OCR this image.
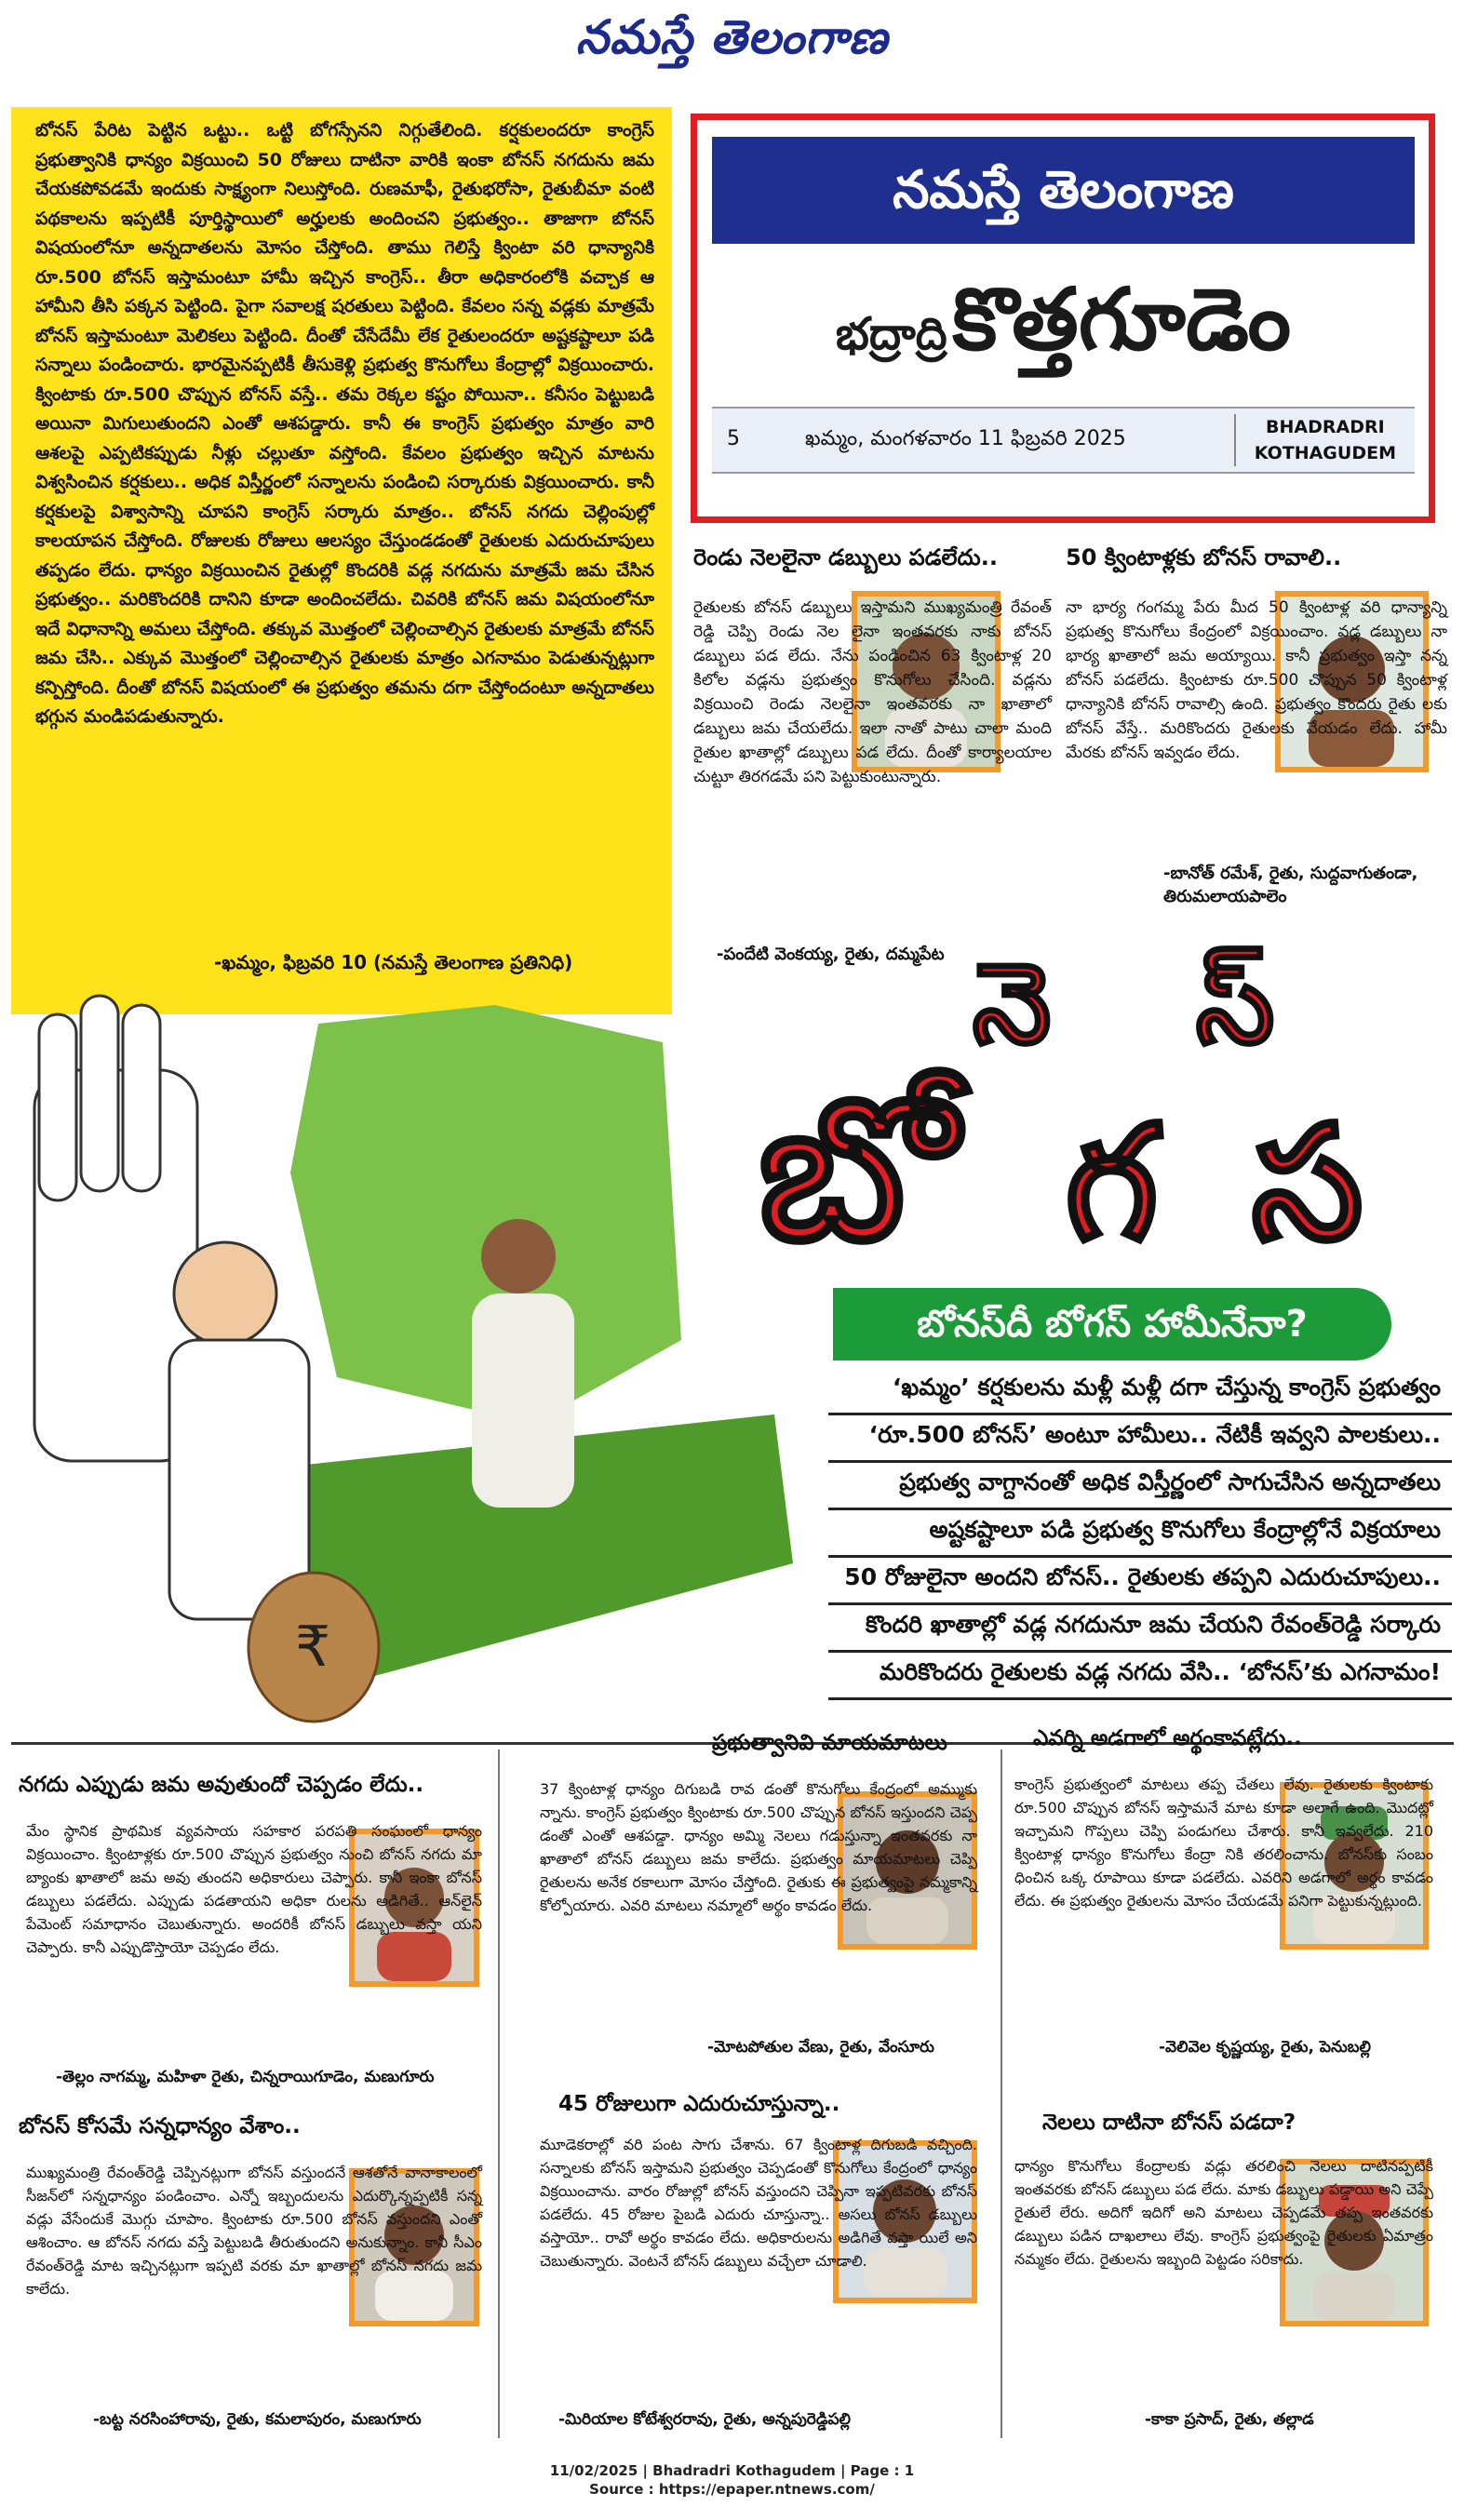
నమస్తే తెలంగాణ
బోనస్ పేరిట పెట్టిన ఒట్టు.. ఒట్టి బోగస్సేనని నిగ్గుతేలింది. కర్షకులందరూ కాంగ్రెస్ ప్రభుత్వానికి ధాన్యం విక్రయించి 50 రోజులు దాటినా వారికి ఇంకా బోనస్ నగదును జమ చేయకపోవడమే ఇందుకు సాక్ష్యంగా నిలుస్తోంది. రుణమాఫీ, రైతుభరోసా, రైతుబీమా వంటి పథకాలను ఇప్పటికీ పూర్తిస్థాయిలో అర్హులకు అందించని ప్రభుత్వం.. తాజాగా బోనస్ విషయంలోనూ అన్నదాతలను మోసం చేస్తోంది. తాము గెలిస్తే క్వింటా వరి ధాన్యానికి రూ.500 బోనస్ ఇస్తామంటూ హామీ ఇచ్చిన కాంగ్రెస్.. తీరా అధికారంలోకి వచ్చాక ఆ హామీని తీసి పక్కన పెట్టింది. పైగా సవాలక్ష షరతులు పెట్టింది. కేవలం సన్న వడ్లకు మాత్రమే బోనస్ ఇస్తామంటూ మెలికలు పెట్టింది. దీంతో చేసేదేమీ లేక రైతులందరూ అష్టకష్టాలూ పడి సన్నాలు పండించారు. భారమైనప్పటికీ తీసుకెళ్లి ప్రభుత్వ కొనుగోలు కేంద్రాల్లో విక్రయించారు. క్వింటాకు రూ.500 చొప్పున బోనస్ వస్తే.. తమ రెక్కల కష్టం పోయినా.. కనీసం పెట్టుబడి అయినా మిగులుతుందని ఎంతో ఆశపడ్డారు. కానీ ఈ కాంగ్రెస్ ప్రభుత్వం మాత్రం వారి ఆశలపై ఎప్పటికప్పుడు నీళ్లు చల్లుతూ వస్తోంది. కేవలం ప్రభుత్వం ఇచ్చిన మాటను విశ్వసించిన కర్షకులు.. అధిక విస్తీర్ణంలో సన్నాలను పండించి సర్కారుకు విక్రయించారు. కానీ కర్షకులపై విశ్వాసాన్ని చూపని కాంగ్రెస్ సర్కారు మాత్రం.. బోనస్ నగదు చెల్లింపుల్లో కాలయాపన చేస్తోంది. రోజులకు రోజులు ఆలస్యం చేస్తుండడంతో రైతులకు ఎదురుచూపులు తప్పడం లేదు. ధాన్యం విక్రయించిన రైతుల్లో కొందరికి వడ్ల నగదును మాత్రమే జమ చేసిన ప్రభుత్వం.. మరికొందరికి దానిని కూడా అందించలేదు. చివరికి బోనస్ జమ విషయంలోనూ ఇదే విధానాన్ని అమలు చేస్తోంది. తక్కువ మొత్తంలో చెల్లించాల్సిన రైతులకు మాత్రమే బోనస్ జమ చేసి.. ఎక్కువ మొత్తంలో చెల్లించాల్సిన రైతులకు మాత్రం ఎగనామం పెడుతున్నట్లుగా కన్పిస్తోంది. దీంతో బోనస్ విషయంలో ఈ ప్రభుత్వం తమను దగా చేస్తోందంటూ అన్నదాతలు భగ్గున మండిపడుతున్నారు.
-ఖమ్మం, ఫిబ్రవరి 10 (నమస్తే తెలంగాణ ప్రతినిధి)
నమస్తే తెలంగాణ
భద్రాద్రి కొత్తగూడెం
5	ఖమ్మం, మంగళవారం 11 ఫిబ్రవరి 2025	BHADRADRI
KOTHAGUDEM
రెండు నెలలైనా డబ్బులు పడలేదు..
రైతులకు బోనస్ డబ్బులు ఇస్తామని ముఖ్యమంత్రి రేవంత్ రెడ్డి చెప్పి రెండు నెల లైనా ఇంతవరకు నాకు బోనస్ డబ్బులు పడ లేదు. నేను పండించిన 63 క్వింటాళ్ల 20 కిలోల వడ్లను ప్రభుత్వం కొనుగోలు చేసింది. వడ్లను విక్రయించి రెండు నెలలైనా ఇంతవరకు నా ఖాతాలో డబ్బులు జమ చేయలేదు. ఇలా నాతో పాటు చాలా మంది రైతుల ఖాతాల్లో డబ్బులు పడ లేదు. దీంతో కార్యాలయాల చుట్టూ తిరగడమే పని పెట్టుకుంటున్నారు.
-పందేటి వెంకయ్య, రైతు, దమ్మపేట
50 క్వింటాళ్లకు బోనస్ రావాలి..
నా భార్య గంగమ్మ పేరు మీద 50 క్వింటాళ్ల వరి ధాన్యాన్ని ప్రభుత్వ కొనుగోలు కేంద్రంలో విక్రయించాం. వడ్ల డబ్బులు నా భార్య ఖాతాలో జమ అయ్యాయి. కానీ ప్రభుత్వం ఇస్తా నన్న బోనస్ పడలేదు. క్వింటాకు రూ.500 చొప్పున 50 క్వింటాళ్ల ధాన్యానికి బోనస్ రావాల్సి ఉంది. ప్రభుత్వం కొందరు రైతు లకు బోనస్ వేస్తే.. మరికొందరు రైతులకు వేయడం లేదు. హామీ మేరకు బోనస్ ఇవ్వడం లేదు.
-బానోత్ రమేశ్, రైతు, సుద్దవాగుతండా, తిరుమలాయపాలెం
₹
నె స్
బో గ స
బోనస్‌దీ బోగస్ హామీనేనా?
‘ఖమ్మం’ కర్షకులను మళ్లీ మళ్లీ దగా చేస్తున్న కాంగ్రెస్ ప్రభుత్వం
‘రూ.500 బోనస్’ అంటూ హామీలు.. నేటికీ ఇవ్వని పాలకులు..
ప్రభుత్వ వాగ్దానంతో అధిక విస్తీర్ణంలో సాగుచేసిన అన్నదాతలు
అష్టకష్టాలూ పడి ప్రభుత్వ కొనుగోలు కేంద్రాల్లోనే విక్రయాలు
50 రోజులైనా అందని బోనస్.. రైతులకు తప్పని ఎదురుచూపులు..
కొందరి ఖాతాల్లో వడ్ల నగదునూ జమ చేయని రేవంత్‌రెడ్డి సర్కారు
మరికొందరు రైతులకు వడ్ల నగదు వేసి.. ‘బోనస్’కు ఎగనామం!
నగదు ఎప్పుడు జమ అవుతుందో చెప్పడం లేదు..
మేం స్థానిక ప్రాథమిక వ్యవసాయ సహకార పరపతి సంఘంలో ధాన్యం విక్రయించాం. క్వింటాళ్లకు రూ.500 చొప్పున ప్రభుత్వం నుంచి బోనస్ నగదు మా బ్యాంకు ఖాతాలో జమ అవు తుందని అధికారులు చెప్పారు. కానీ ఇంకా బోనస్ డబ్బులు పడలేదు. ఎప్పుడు పడతాయని అధికా రులను అడిగితే.. ఆన్‌లైన్ పేమెంట్ సమాధానం చెబుతున్నారు. అందరికీ బోనస్ డబ్బులు వస్తా యని చెప్పారు. కానీ ఎప్పుడొస్తాయో చెప్పడం లేదు.
-తెల్లం నాగమ్మ, మహిళా రైతు, చిన్నరాయిగూడెం, మణుగూరు
ప్రభుత్వానివి మాయమాటలు
37 క్వింటాళ్ల ధాన్యం దిగుబడి రావ డంతో కొనుగోలు కేంద్రంలో అమ్ముకు న్నాను. కాంగ్రెస్ ప్రభుత్వం క్వింటాకు రూ.500 చొప్పున బోనస్ ఇస్తుందని చెప్ప డంతో ఎంతో ఆశపడ్డా. ధాన్యం అమ్మి నెలలు గడుస్తున్నా ఇంతవరకు నా ఖాతాలో బోనస్ డబ్బులు జమ కాలేదు. ప్రభుత్వం మాయమాటలు చెప్పి రైతులను అనేక రకాలుగా మోసం చేస్తోంది. రైతుకు ఈ ప్రభుత్వంపై నమ్మకాన్ని కోల్పోయారు. ఎవరి మాటలు నమ్మాలో అర్థం కావడం లేదు.
-మోటపోతుల వేణు, రైతు, వేంసూరు
ఎవర్ని అడగాలో అర్థంకావట్లేదు..
కాంగ్రెస్ ప్రభుత్వంలో మాటలు తప్ప చేతలు లేవు. రైతులకు క్వింటాకు రూ.500 చొప్పున బోనస్ ఇస్తామనే మాట కూడా అలాగే ఉంది. మొదట్లో ఇచ్చామని గొప్పలు చెప్పి పండుగలు చేశారు. కానీ ఇవ్వలేదు. 210 క్వింటాళ్ల ధాన్యం కొనుగోలు కేంద్రా నికి తరలించాను. బోనస్‌కు సంబం ధించిన ఒక్క రూపాయి కూడా పడలేదు. ఎవరిని అడగాలో అర్థం కావడం లేదు. ఈ ప్రభుత్వం రైతులను మోసం చేయడమే పనిగా పెట్టుకున్నట్లుంది.
-వెలివెల కృష్ణయ్య, రైతు, పెనుబల్లి
బోనస్ కోసమే సన్నధాన్యం వేశాం..
ముఖ్యమంత్రి రేవంత్‌రెడ్డి చెప్పినట్లుగా బోనస్ వస్తుందనే ఆశతోనే వానాకాలంలో సీజన్‌లో సన్నధాన్యం పండించాం. ఎన్నో ఇబ్బందులను ఎదుర్కొన్నప్పటికీ సన్న వడ్లు వేసేందుకే మొగ్గు చూపాం. క్వింటాకు రూ.500 బోనస్ వస్తుందని ఎంతో ఆశించాం. ఆ బోనస్ నగదు వస్తే పెట్టుబడి తీరుతుందని అనుకున్నాం. కానీ సీఎం రేవంత్‌రెడ్డి మాట ఇచ్చినట్లుగా ఇప్పటి వరకు మా ఖాతాల్లో బోనస్ నగదు జమ కాలేదు.
-బట్ట నరసింహారావు, రైతు, కమలాపురం, మణుగూరు
45 రోజులుగా ఎదురుచూస్తున్నా..
మూడెకరాల్లో వరి పంట సాగు చేశాను. 67 క్వింటాళ్ల దిగుబడి వచ్చింది. సన్నాలకు బోనస్ ఇస్తామని ప్రభుత్వం చెప్పడంతో కొనుగోలు కేంద్రంలో ధాన్యం విక్రయించాను. వారం రోజుల్లో బోనస్ వస్తుందని చెప్పినా ఇప్పటివరకు బోనస్ పడలేదు. 45 రోజుల పైబడి ఎదురు చూస్తున్నా.. అసలు బోనస్ డబ్బులు వస్తాయో.. రావో అర్థం కావడం లేదు. అధికారులను అడిగితే వస్తా యిలే అని చెబుతున్నారు. వెంటనే బోనస్ డబ్బులు వచ్చేలా చూడాలి.
-మిరియాల కోటేశ్వరరావు, రైతు, అన్నపురెడ్డిపల్లి
నెలలు దాటినా బోనస్ పడదా?
ధాన్యం కొనుగోలు కేంద్రాలకు వడ్లు తరలించి నెలలు దాటినప్పటికీ ఇంతవరకు బోనస్ డబ్బులు పడ లేదు. మాకు డబ్బులు పడ్డాయి అని చెప్పే రైతులే లేరు. అదిగో ఇదిగో అని మాటలు చెప్పడమే తప్ప ఇంతవరకు డబ్బులు పడిన దాఖలాలు లేవు. కాంగ్రెస్ ప్రభుత్వంపై రైతులకు ఏమాత్రం నమ్మకం లేదు. రైతులను ఇబ్బంది పెట్టడం సరికాదు.
-కాకా ప్రసాద్, రైతు, తల్లాడ
11/02/2025 | Bhadradri Kothagudem | Page : 1
Source : https://epaper.ntnews.com/
